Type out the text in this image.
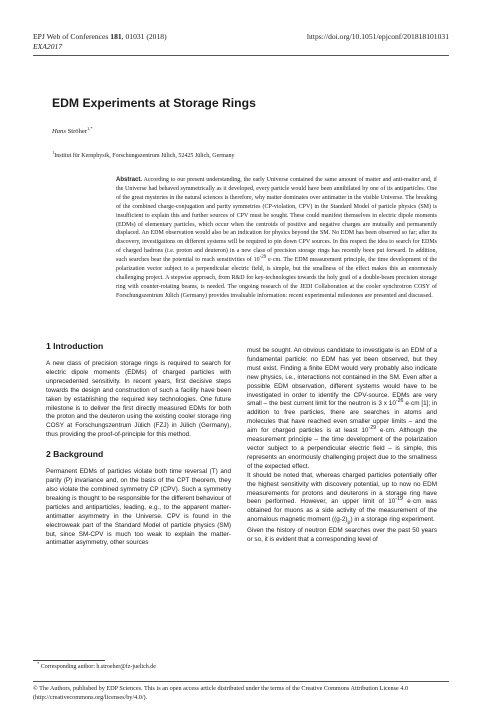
EPJ Web of Conferences 181, 01031 (2018)	https://doi.org/10.1051/epjconf/201818101031
EXA2017
EDM Experiments at Storage Rings
Hans Ströher$^{1,*}$
$^1$Institut für Kernphysik, Forschungszentrum Jülich, 52425 Jülich, Germany
Abstract. According to our present understanding, the early Universe contained the same amount of matter and anti-matter and, if the Universe had behaved symmetrically as it developed, every particle would have been annihilated by one of its antiparticles. One of the great mysteries in the natural sciences is therefore, why matter dominates over antimatter in the visible Universe. The breaking of the combined charge-conjugation and parity symmetries (CP-violation, CPV) in the Standard Model of particle physics (SM) is insufficient to explain this and further sources of CPV must be sought. These could manifest themselves in electric dipole moments (EDMs) of elementary particles, which occur when the centroids of positive and negative charges are mutually and permanently displaced. An EDM observation would also be an indication for physics beyond the SM. No EDM has been observed so far; after its discovery, investigations on different systems will be required to pin down CPV sources. In this respect the idea to search for EDMs of charged hadrons (i.e. proton and deuteron) in a new class of precision storage rings has recently been put forward. In addition, such searches bear the potential to reach sensitivities of $10^{-29}$ e·cm. The EDM measurement principle, the time development of the polarization vector subject to a perpendicular electric field, is simple, but the smallness of the effect makes this an enormously challenging project. A stepwise approach, from R&D for key-technologies towards the holy grail of a double-beam precision storage ring with counter-rotating beams, is needed. The ongoing research of the JEDI Collaboration at the cooler synchrotron COSY of Forschungszentrum Jülich (Germany) provides invaluable information: recent experimental milestones are presented and discussed.
1 Introduction

A new class of precision storage rings is required to search for electric dipole moments (EDMs) of charged particles with unprecedented sensitivity. In recent years, first decisive steps towards the design and construction of such a facility have been taken by establishing the required key technologies. One future milestone is to deliver the first directly measured EDMs for both the proton and the deuteron using the existing cooler storage ring COSY at Forschungszentrum Jülich (FZJ) in Jülich (Germany), thus providing the proof-of-principle for this method.

2 Background

Permanent EDMs of particles violate both time reversal (T) and parity (P) invariance and, on the basis of the CPT theorem, they also violate the combined symmetry CP (CPV). Such a symmetry breaking is thought to be responsible for the different behaviour of particles and antiparticles, leading, e.g., to the apparent matter-antimatter asymmetry in the Universe. CPV is found in the electroweak part of the Standard Model of particle physics (SM) but, since SM-CPV is much too weak to explain the matter-antimatter asymmetry, other sources

must be sought. An obvious candidate to investigate is an EDM of a fundamental particle: no EDM has yet been observed, but they must exist. Finding a finite EDM would very probably also indicate new physics, i.e., interactions not contained in the SM. Even after a possible EDM observation, different systems would have to be investigated in order to identify the CPV-source. EDMs are very small – the best current limit for the neutron is 3 x $10^{-26}$ e·cm [1]; in addition to free particles, there are searches in atoms and molecules that have reached even smaller upper limits – and the aim for charged particles is at least $10^{-29}$ e·cm. Although the measurement principle – the time development of the polarization vector subject to a perpendicular electric field – is simple, this represents an enormously challenging project due to the smallness of the expected effect.

It should be noted that, whereas charged particles potentially offer the highest sensitivity with discovery potential, up to now no EDM measurements for protons and deuterons in a storage ring have been performed. However, an upper limit of $10^{-19}$ e·cm was obtained for muons as a side activity of the measurement of the anomalous magnetic moment $((g-2)_\mu)$ in a storage ring experiment.

Given the history of neutron EDM searches over the past 50 years or so, it is evident that a corresponding level of

* Corresponding author: h.stroeher@fz-juelich.de
© The Authors, published by EDP Sciences. This is an open access article distributed under the terms of the Creative Commons Attribution License 4.0 (http://creativecommons.org/licenses/by/4.0/).
